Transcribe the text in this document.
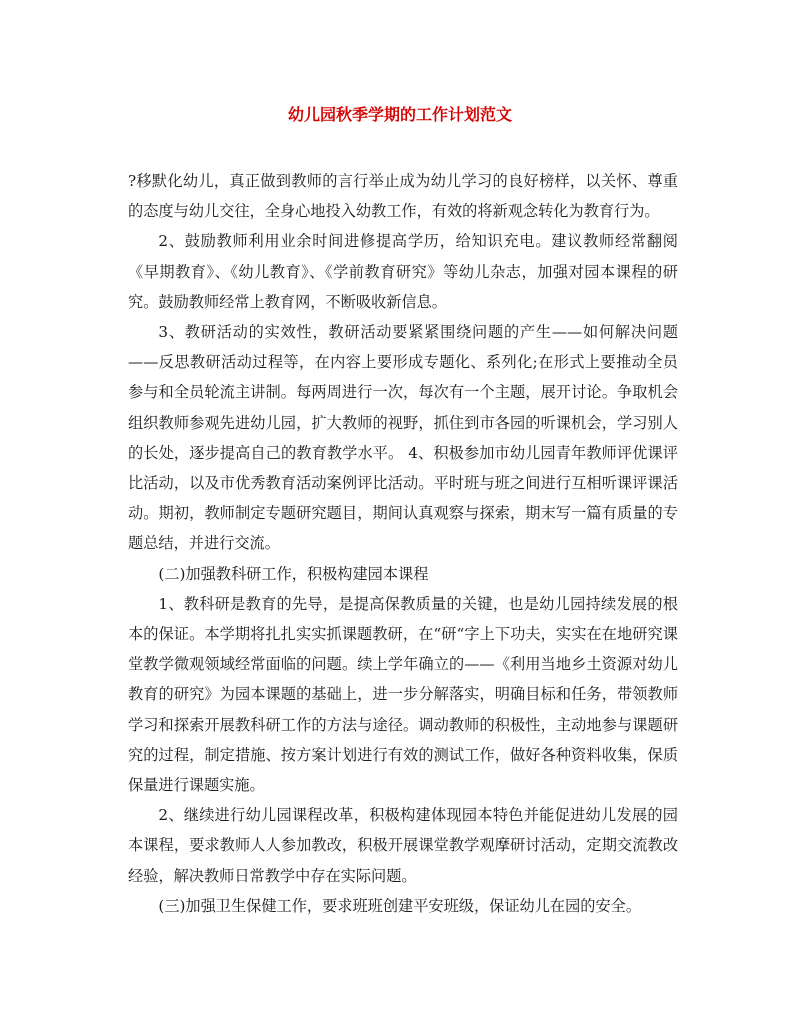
幼儿园秋季学期的工作计划范文

?移默化幼儿，真正做到教师的言行举止成为幼儿学习的良好榜样，以关怀、尊重的态度与幼儿交往，全身心地投入幼教工作，有效的将新观念转化为教育行为。

2、鼓励教师利用业余时间进修提高学历，给知识充电。建议教师经常翻阅《早期教育》、《幼儿教育》、《学前教育研究》等幼儿杂志，加强对园本课程的研究。鼓励教师经常上教育网，不断吸收新信息。

3、教研活动的实效性，教研活动要紧紧围绕问题的产生——如何解决问题——反思教研活动过程等，在内容上要形成专题化、系列化;在形式上要推动全员参与和全员轮流主讲制。每两周进行一次，每次有一个主题，展开讨论。争取机会组织教师参观先进幼儿园，扩大教师的视野，抓住到市各园的听课机会，学习别人的长处，逐步提高自己的教育教学水平。 4、积极参加市幼儿园青年教师评优课评比活动，以及市优秀教育活动案例评比活动。平时班与班之间进行互相听课评课活动。期初，教师制定专题研究题目，期间认真观察与探索，期末写一篇有质量的专题总结，并进行交流。

(二)加强教科研工作，积极构建园本课程

1、教科研是教育的先导，是提高保教质量的关键，也是幼儿园持续发展的根本的保证。本学期将扎扎实实抓课题教研，在“研“字上下功夫，实实在在地研究课堂教学微观领域经常面临的问题。续上学年确立的——《利用当地乡土资源对幼儿教育的研究》为园本课题的基础上，进一步分解落实，明确目标和任务，带领教师学习和探索开展教科研工作的方法与途径。调动教师的积极性，主动地参与课题研究的过程，制定措施、按方案计划进行有效的测试工作，做好各种资料收集，保质保量进行课题实施。

2、继续进行幼儿园课程改革，积极构建体现园本特色并能促进幼儿发展的园本课程，要求教师人人参加教改，积极开展课堂教学观摩研讨活动，定期交流教改经验，解决教师日常教学中存在实际问题。

(三)加强卫生保健工作，要求班班创建平安班级，保证幼儿在园的安全。
